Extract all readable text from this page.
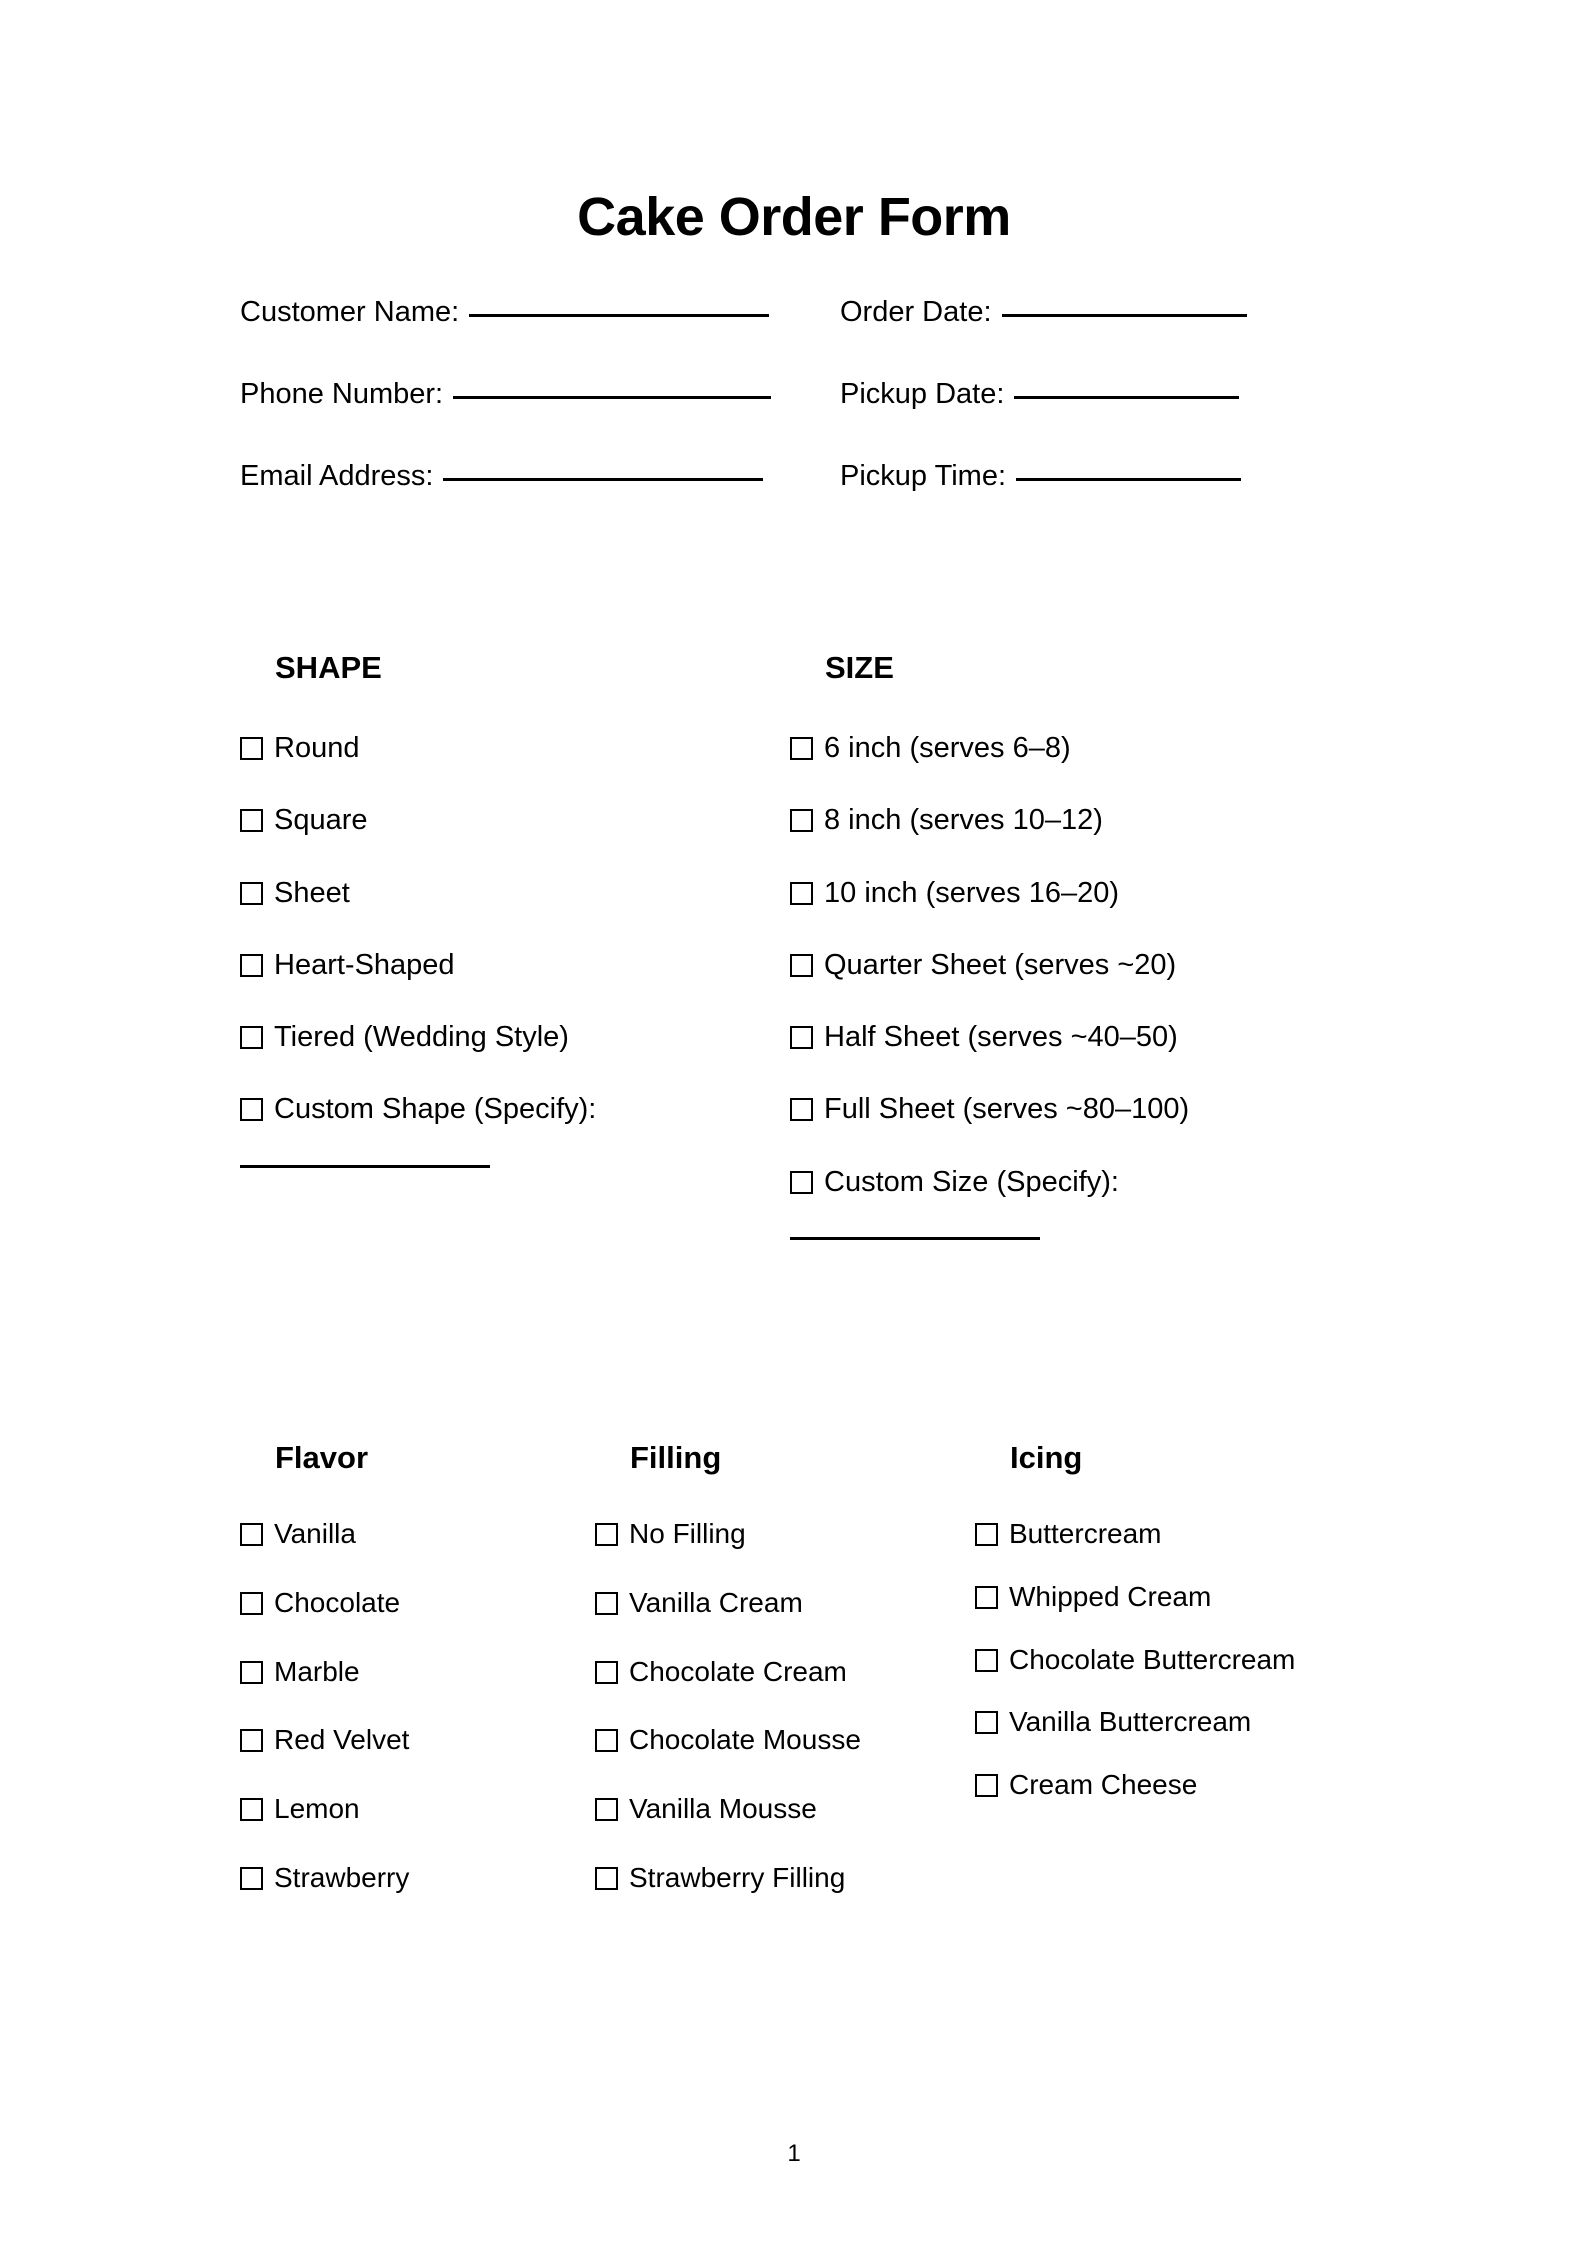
Cake Order Form
Customer Name:	Order Date:
Phone Number:	Pickup Date:
Email Address:	Pickup Time:
SHAPE
Round
Square
Sheet
Heart-Shaped
Tiered (Wedding Style)
Custom Shape (Specify):
SIZE
6 inch (serves 6–8)
8 inch (serves 10–12)
10 inch (serves 16–20)
Quarter Sheet (serves ~20)
Half Sheet (serves ~40–50)
Full Sheet (serves ~80–100)
Custom Size (Specify):
Flavor
Vanilla
Chocolate
Marble
Red Velvet
Lemon
Strawberry
Filling
No Filling
Vanilla Cream
Chocolate Cream
Chocolate Mousse
Vanilla Mousse
Strawberry Filling
Icing
Buttercream
Whipped Cream
Chocolate Buttercream
Vanilla Buttercream
Cream Cheese
1
